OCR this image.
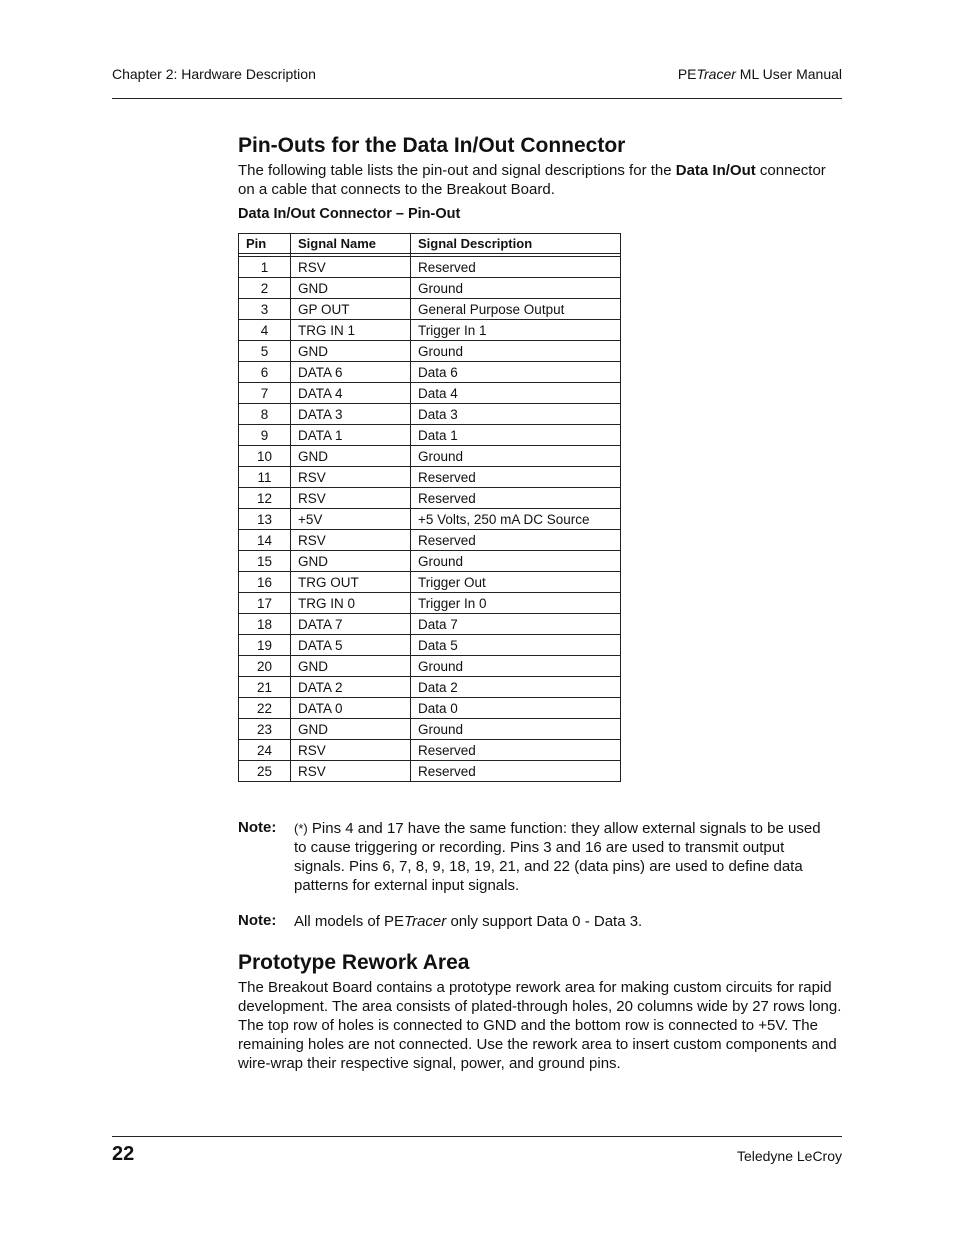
Chapter 2: Hardware Description	PETracer ML User Manual
Pin-Outs for the Data In/Out Connector

The following table lists the pin-out and signal descriptions for the Data In/Out connector on a cable that connects to the Breakout Board.

Data In/Out Connector – Pin-Out
Pin	Signal Name	Signal Description

1	RSV	Reserved
2	GND	Ground
3	GP OUT	General Purpose Output
4	TRG IN 1	Trigger In 1
5	GND	Ground
6	DATA 6	Data 6
7	DATA 4	Data 4
8	DATA 3	Data 3
9	DATA 1	Data 1
10	GND	Ground
11	RSV	Reserved
12	RSV	Reserved
13	+5V	+5 Volts, 250 mA DC Source
14	RSV	Reserved
15	GND	Ground
16	TRG OUT	Trigger Out
17	TRG IN 0	Trigger In 0
18	DATA 7	Data 7
19	DATA 5	Data 5
20	GND	Ground
21	DATA 2	Data 2
22	DATA 0	Data 0
23	GND	Ground
24	RSV	Reserved
25	RSV	Reserved
Note: (*) Pins 4 and 17 have the same function: they allow external signals to be used to cause triggering or recording. Pins 3 and 16 are used to transmit output signals. Pins 6, 7, 8, 9, 18, 19, 21, and 22 (data pins) are used to define data patterns for external input signals.

Note: All models of PETracer only support Data 0 - Data 3.

Prototype Rework Area

The Breakout Board contains a prototype rework area for making custom circuits for rapid development. The area consists of plated-through holes, 20 columns wide by 27 rows long. The top row of holes is connected to GND and the bottom row is connected to +5V. The remaining holes are not connected. Use the rework area to insert custom components and wire-wrap their respective signal, power, and ground pins.

22	Teledyne LeCroy
